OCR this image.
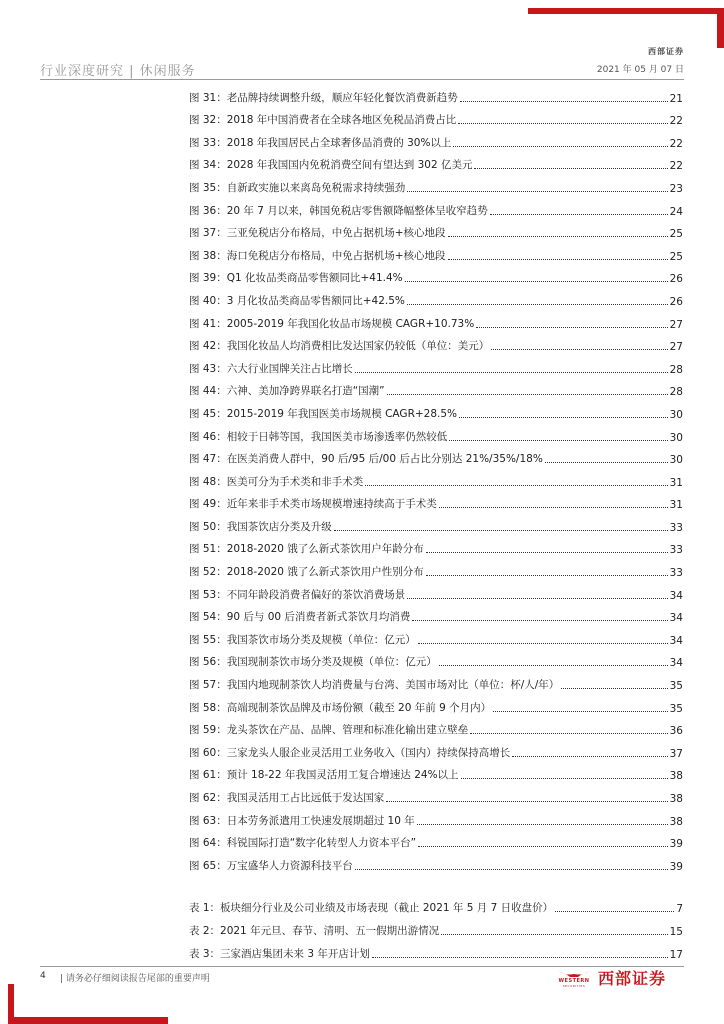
西部证券
行业深度研究 | 休闲服务	2021 年 05 月 07 日
图 31：老品牌持续调整升级，顺应年轻化餐饮消费新趋势	21
图 32：2018 年中国消费者在全球各地区免税品消费占比	22
图 33：2018 年我国居民占全球奢侈品消费的 30%以上	22
图 34：2028 年我国国内免税消费空间有望达到 302 亿美元	22
图 35：自新政实施以来离岛免税需求持续强劲	23
图 36：20 年 7 月以来，韩国免税店零售额降幅整体呈收窄趋势	24
图 37：三亚免税店分布格局，中免占据机场+核心地段	25
图 38：海口免税店分布格局，中免占据机场+核心地段	25
图 39：Q1 化妆品类商品零售额同比+41.4%	26
图 40：3 月化妆品类商品零售额同比+42.5%	26
图 41：2005-2019 年我国化妆品市场规模 CAGR+10.73%	27
图 42：我国化妆品人均消费相比发达国家仍较低（单位：美元）	27
图 43：六大行业国牌关注占比增长	28
图 44：六神、美加净跨界联名打造“国潮”	28
图 45：2015-2019 年我国医美市场规模 CAGR+28.5%	30
图 46：相较于日韩等国，我国医美市场渗透率仍然较低	30
图 47：在医美消费人群中，90 后/95 后/00 后占比分别达 21%/35%/18%	30
图 48：医美可分为手术类和非手术类	31
图 49：近年来非手术类市场规模增速持续高于手术类	31
图 50：我国茶饮店分类及升级	33
图 51：2018-2020 饿了么新式茶饮用户年龄分布	33
图 52：2018-2020 饿了么新式茶饮用户性别分布	33
图 53：不同年龄段消费者偏好的茶饮消费场景	34
图 54：90 后与 00 后消费者新式茶饮月均消费	34
图 55：我国茶饮市场分类及规模（单位：亿元）	34
图 56：我国现制茶饮市场分类及规模（单位：亿元）	34
图 57：我国内地现制茶饮人均消费量与台湾、美国市场对比（单位：杯/人/年）	35
图 58：高端现制茶饮品牌及市场份额（截至 20 年前 9 个月内）	35
图 59：龙头茶饮在产品、品牌、管理和标准化输出建立壁垒	36
图 60：三家龙头人服企业灵活用工业务收入（国内）持续保持高增长	37
图 61：预计 18-22 年我国灵活用工复合增速达 24%以上	38
图 62：我国灵活用工占比远低于发达国家	38
图 63：日本劳务派遣用工快速发展期超过 10 年	38
图 64：科锐国际打造“数字化转型人力资本平台”	39
图 65：万宝盛华人力资源科技平台	39
表 1：板块细分行业及公司业绩及市场表现（截止 2021 年 5 月 7 日收盘价）	7
表 2：2021 年元旦、春节、清明、五一假期出游情况	15
表 3：三家酒店集团未来 3 年开店计划	17
4 | 请务必仔细阅读报告尾部的重要声明	WESTERN
SECURITIES 西部证券
